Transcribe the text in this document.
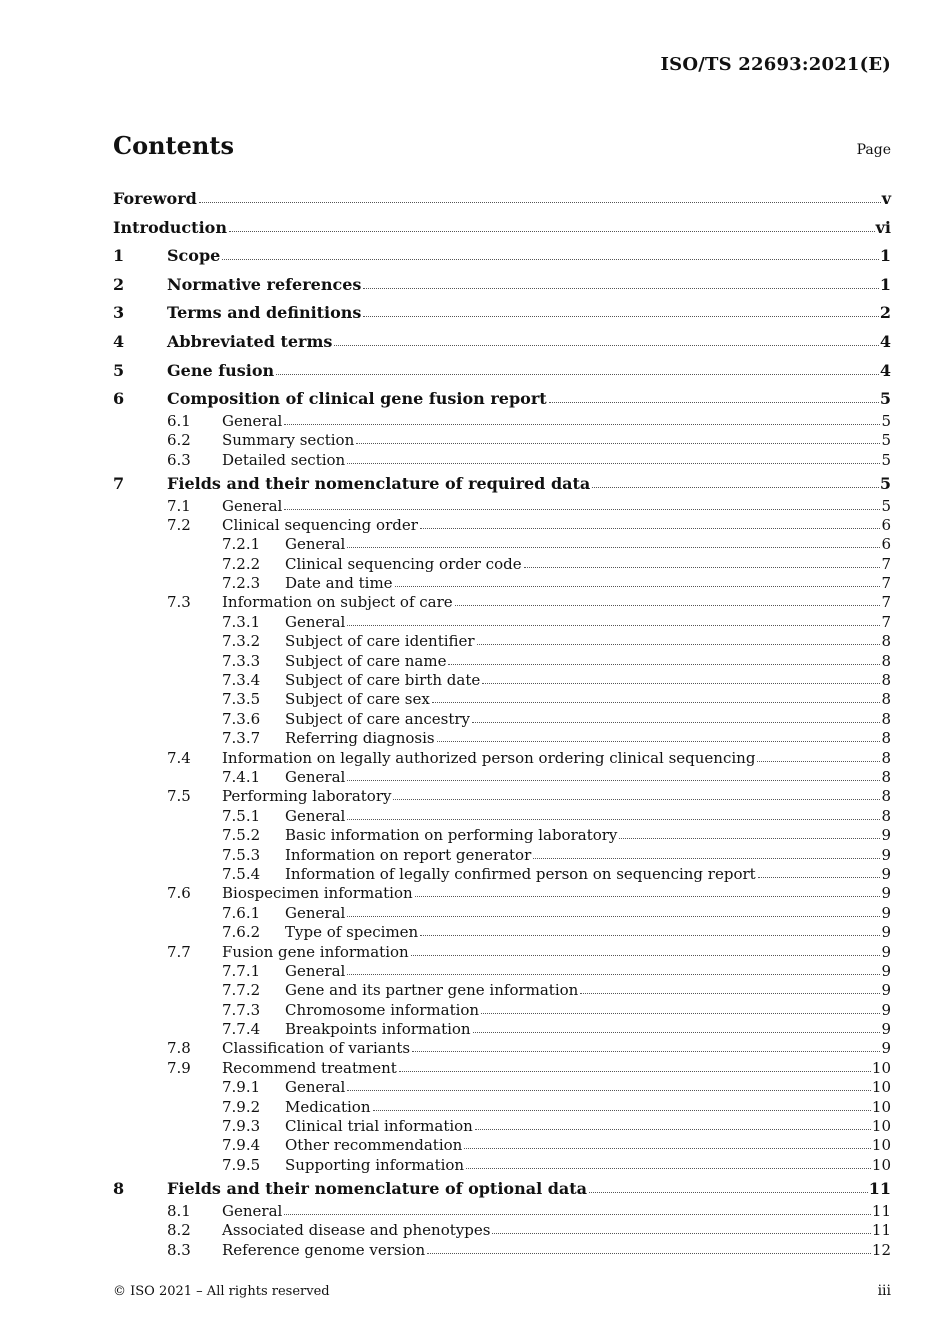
ISO/TS 22693:2021(E)
Contents	Page
Foreword	v
Introduction	vi
1	Scope	1
2	Normative references	1
3	Terms and definitions	2
4	Abbreviated terms	4
5	Gene fusion	4
6	Composition of clinical gene fusion report	5
6.1	General	5
6.2	Summary section	5
6.3	Detailed section	5
7	Fields and their nomenclature of required data	5
7.1	General	5
7.2	Clinical sequencing order	6
7.2.1	General	6
7.2.2	Clinical sequencing order code	7
7.2.3	Date and time	7
7.3	Information on subject of care	7
7.3.1	General	7
7.3.2	Subject of care identifier	8
7.3.3	Subject of care name	8
7.3.4	Subject of care birth date	8
7.3.5	Subject of care sex	8
7.3.6	Subject of care ancestry	8
7.3.7	Referring diagnosis	8
7.4	Information on legally authorized person ordering clinical sequencing	8
7.4.1	General	8
7.5	Performing laboratory	8
7.5.1	General	8
7.5.2	Basic information on performing laboratory	9
7.5.3	Information on report generator	9
7.5.4	Information of legally confirmed person on sequencing report	9
7.6	Biospecimen information	9
7.6.1	General	9
7.6.2	Type of specimen	9
7.7	Fusion gene information	9
7.7.1	General	9
7.7.2	Gene and its partner gene information	9
7.7.3	Chromosome information	9
7.7.4	Breakpoints information	9
7.8	Classification of variants	9
7.9	Recommend treatment	10
7.9.1	General	10
7.9.2	Medication	10
7.9.3	Clinical trial information	10
7.9.4	Other recommendation	10
7.9.5	Supporting information	10
8	Fields and their nomenclature of optional data	11
8.1	General	11
8.2	Associated disease and phenotypes	11
8.3	Reference genome version	12
© ISO 2021 – All rights reserved	iii
